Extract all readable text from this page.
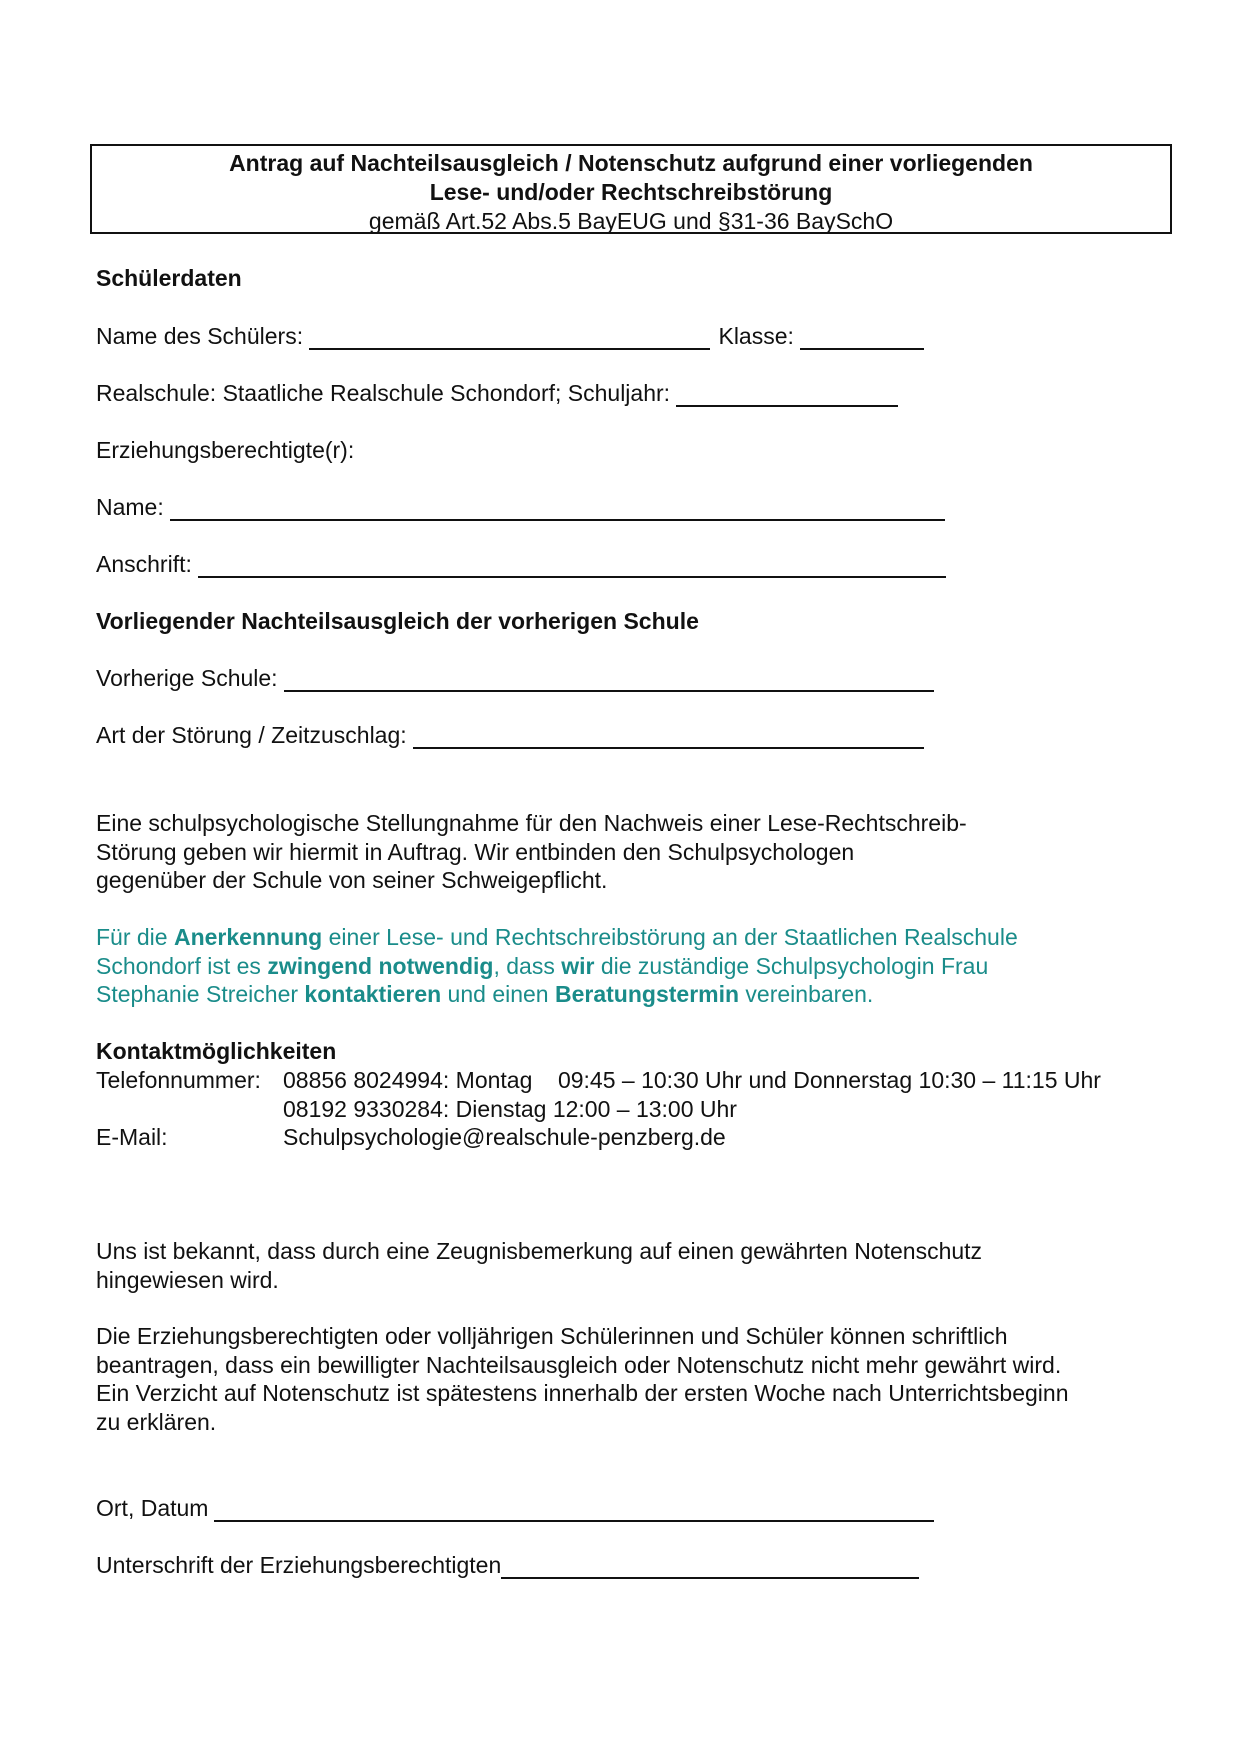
Antrag auf Nachteilsausgleich / Notenschutz aufgrund einer vorliegenden
Lese- und/oder Rechtschreibstörung
gemäß Art.52 Abs.5 BayEUG und §31-36 BaySchO
Schülerdaten
Name des Schülers:	Klasse:
Realschule: Staatliche Realschule Schondorf; Schuljahr:
Erziehungsberechtigte(r):
Name:
Anschrift:
Vorliegender Nachteilsausgleich der vorherigen Schule
Vorherige Schule:
Art der Störung / Zeitzuschlag:
Eine schulpsychologische Stellungnahme für den Nachweis einer Lese-Rechtschreib-
Störung geben wir hiermit in Auftrag. Wir entbinden den Schulpsychologen
gegenüber der Schule von seiner Schweigepflicht.
Für die Anerkennung einer Lese- und Rechtschreibstörung an der Staatlichen Realschule
Schondorf ist es zwingend notwendig, dass wir die zuständige Schulpsychologin Frau
Stephanie Streicher kontaktieren und einen Beratungstermin vereinbaren.
Kontaktmöglichkeiten
Telefonnummer: 08856 8024994: Montag    09:45 – 10:30 Uhr und Donnerstag 10:30 – 11:15 Uhr
08192 9330284: Dienstag 12:00 – 13:00 Uhr
E-Mail:	Schulpsychologie@realschule-penzberg.de
Uns ist bekannt, dass durch eine Zeugnisbemerkung auf einen gewährten Notenschutz
hingewiesen wird.
Die Erziehungsberechtigten oder volljährigen Schülerinnen und Schüler können schriftlich
beantragen, dass ein bewilligter Nachteilsausgleich oder Notenschutz nicht mehr gewährt wird.
Ein Verzicht auf Notenschutz ist spätestens innerhalb der ersten Woche nach Unterrichtsbeginn
zu erklären.
Ort, Datum
Unterschrift der Erziehungsberechtigten
